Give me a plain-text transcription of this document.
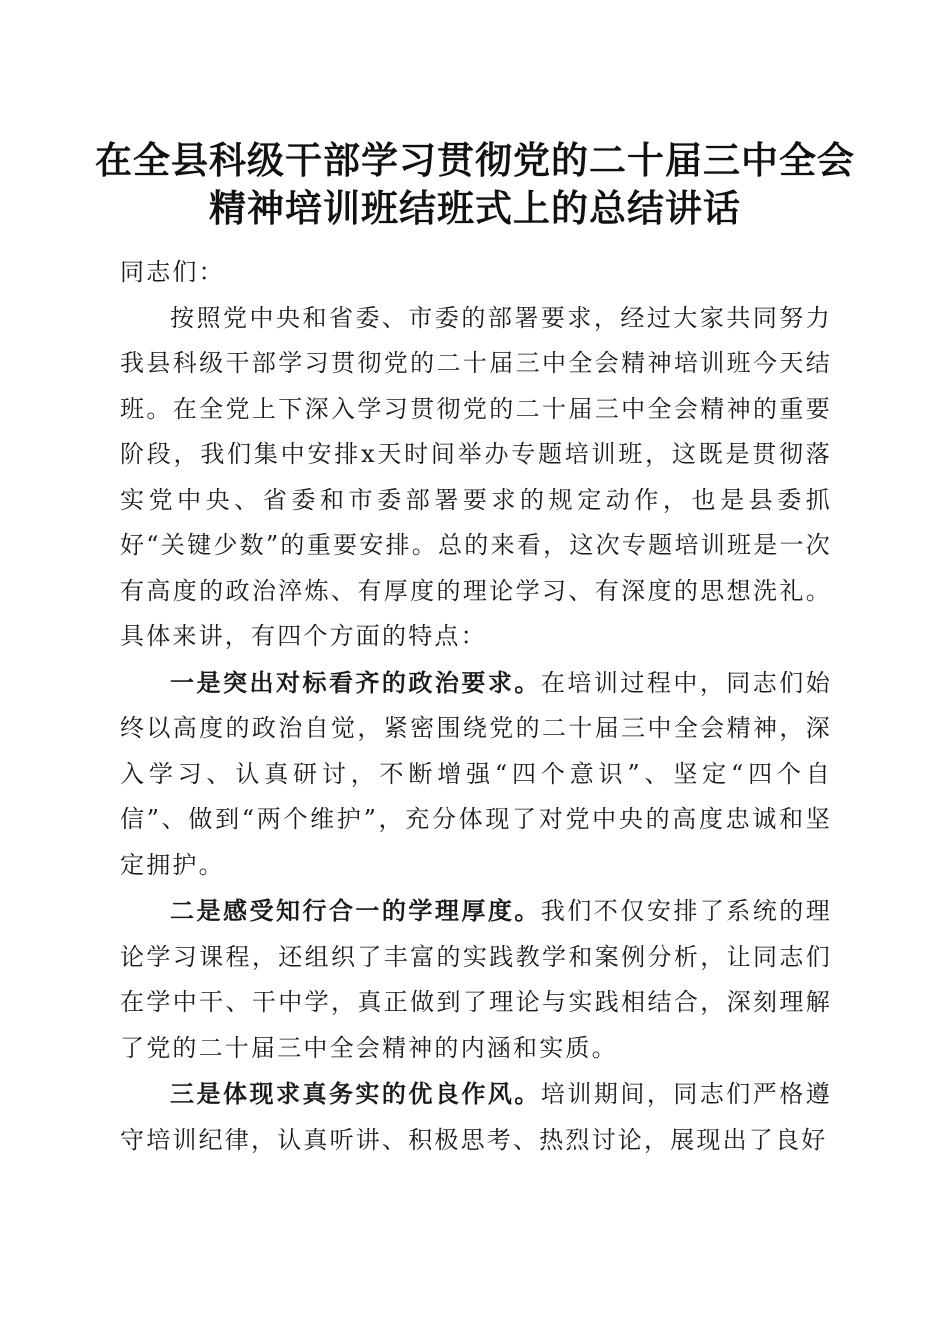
在全县科级干部学习贯彻党的二十届三中全会
精神培训班结班式上的总结讲话

同志们：

按照党中央和省委、市委的部署要求，经过大家共同努力我县科级干部学习贯彻党的二十届三中全会精神培训班今天结班。在全党上下深入学习贯彻党的二十届三中全会精神的重要阶段，我们集中安排x天时间举办专题培训班，这既是贯彻落实党中央、省委和市委部署要求的规定动作，也是县委抓好“关键少数”的重要安排。总的来看，这次专题培训班是一次有高度的政治淬炼、有厚度的理论学习、有深度的思想洗礼。具体来讲，有四个方面的特点：

一是突出对标看齐的政治要求。在培训过程中，同志们始终以高度的政治自觉，紧密围绕党的二十届三中全会精神，深入学习、认真研讨，不断增强“四个意识”、坚定“四个自信”、做到“两个维护”，充分体现了对党中央的高度忠诚和坚定拥护。

二是感受知行合一的学理厚度。我们不仅安排了系统的理论学习课程，还组织了丰富的实践教学和案例分析，让同志们在学中干、干中学，真正做到了理论与实践相结合，深刻理解了党的二十届三中全会精神的内涵和实质。

三是体现求真务实的优良作风。培训期间，同志们严格遵守培训纪律，认真听讲、积极思考、热烈讨论，展现出了良好
